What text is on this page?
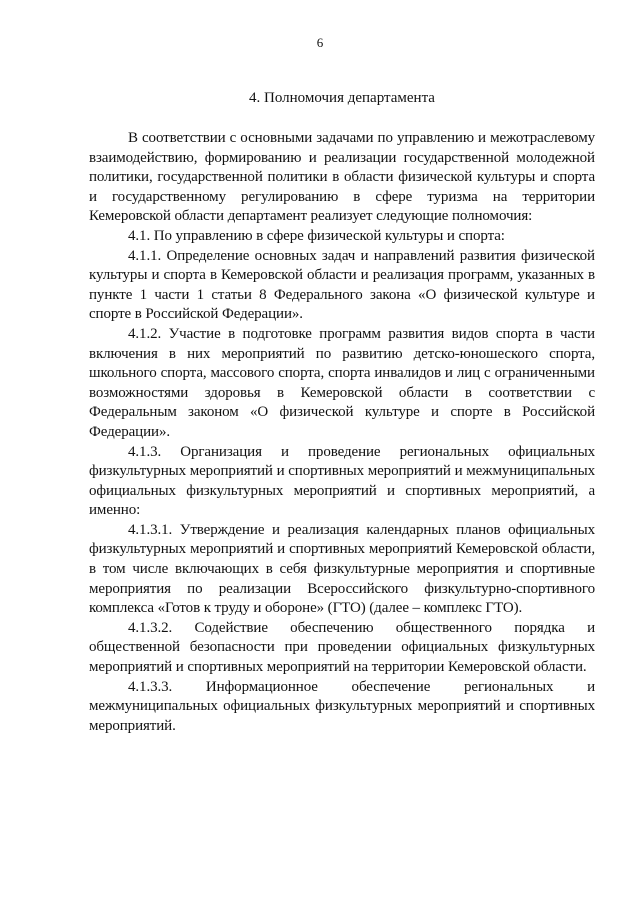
6
4. Полномочия департамента

В соответствии с основными задачами по управлению и межотраслевому взаимодействию, формированию и реализации государственной молодежной политики, государственной политики в области физической культуры и спорта и государственному регулированию в сфере туризма на территории Кемеровской области департамент реализует следующие полномочия:

4.1. По управлению в сфере физической культуры и спорта:

4.1.1. Определение основных задач и направлений развития физической культуры и спорта в Кемеровской области и реализация программ, указанных в пункте 1 части 1 статьи 8 Федерального закона «О физической культуре и спорте в Российской Федерации».

4.1.2. Участие в подготовке программ развития видов спорта в части включения в них мероприятий по развитию детско-юношеского спорта, школьного спорта, массового спорта, спорта инвалидов и лиц с ограниченными возможностями здоровья в Кемеровской области в соответствии с Федеральным законом «О физической культуре и спорте в Российской Федерации».

4.1.3. Организация и проведение региональных официальных физкультурных мероприятий и спортивных мероприятий и межмуниципальных официальных физкультурных мероприятий и спортивных мероприятий, а именно:

4.1.3.1. Утверждение и реализация календарных планов официальных физкультурных мероприятий и спортивных мероприятий Кемеровской области, в том числе включающих в себя физкультурные мероприятия и спортивные мероприятия по реализации Всероссийского физкультурно-спортивного комплекса «Готов к труду и обороне» (ГТО) (далее – комплекс ГТО).

4.1.3.2. Содействие обеспечению общественного порядка и общественной безопасности при проведении официальных физкультурных мероприятий и спортивных мероприятий на территории Кемеровской области.

4.1.3.3. Информационное обеспечение региональных и межмуниципальных официальных физкультурных мероприятий и спортивных мероприятий.
